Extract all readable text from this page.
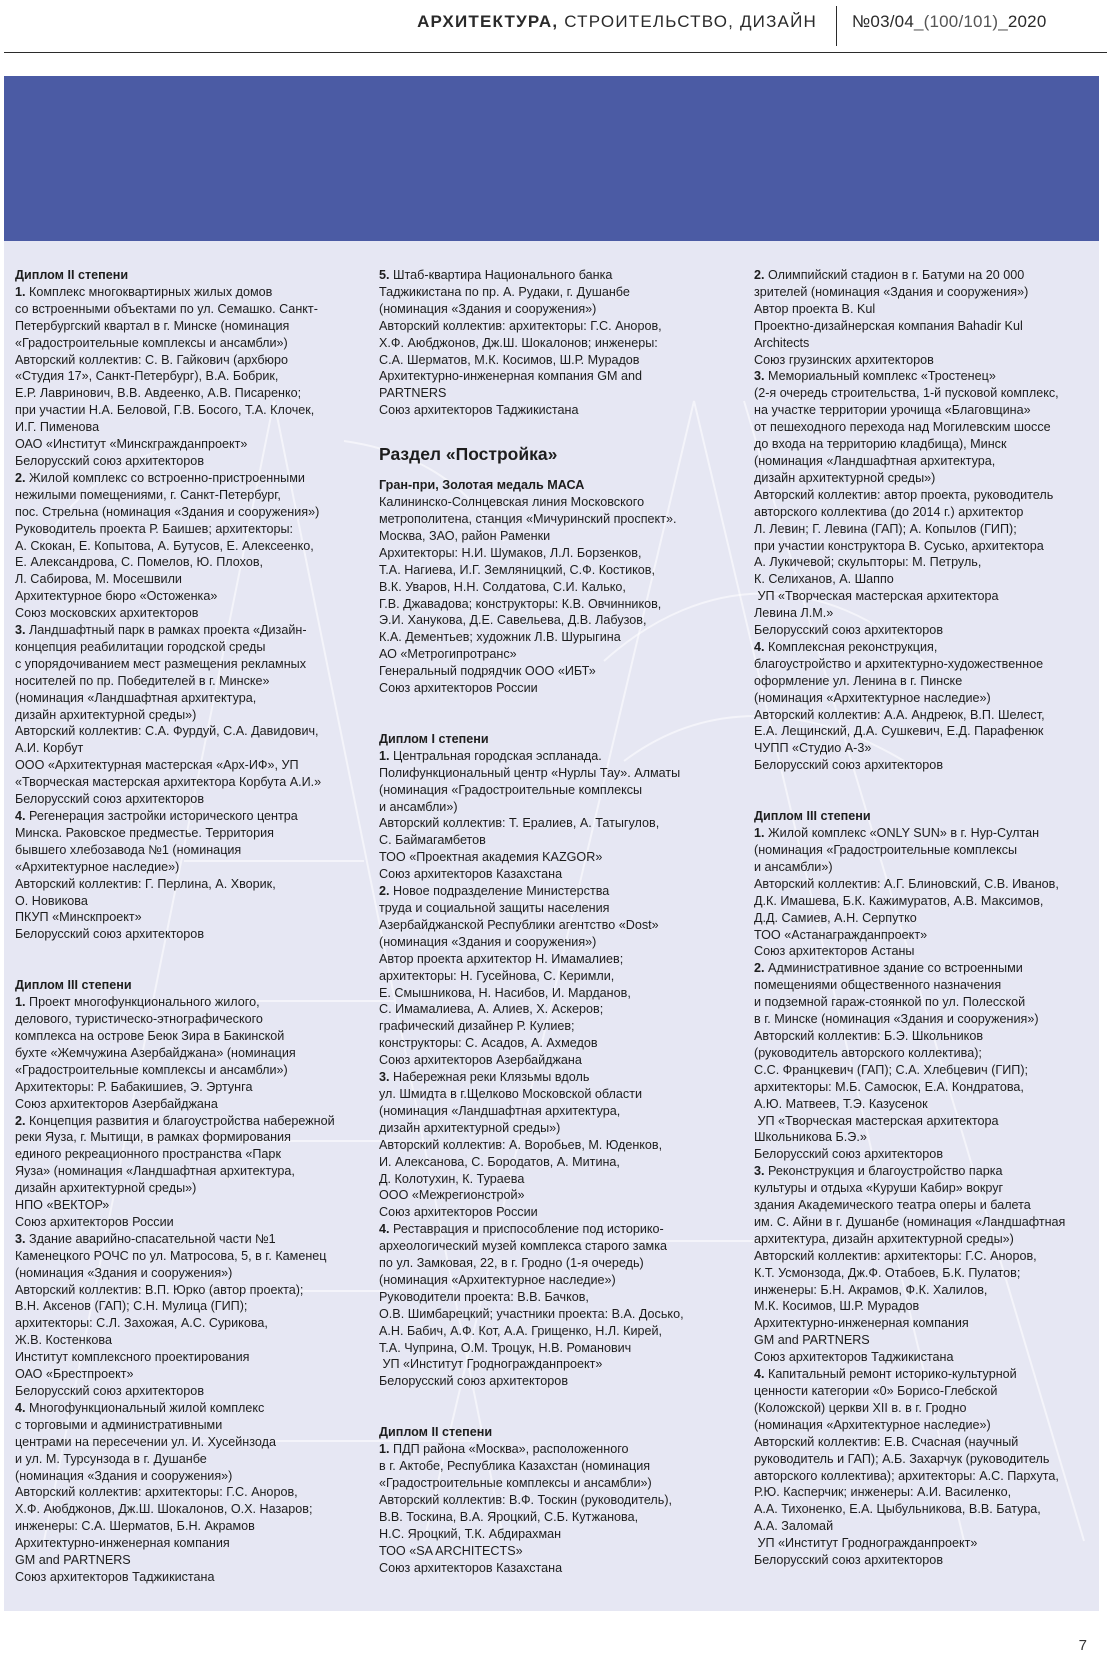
АРХИТЕКТУРА, СТРОИТЕЛЬСТВО, ДИЗАЙН №03/04_(100/101)_2020

Диплом II степени

1. Комплекс многоквартирных жилых домов
со встроенными объектами по ул. Семашко. Санкт-
Петербургский квартал в г. Минске (номинация
«Градостроительные комплексы и ансамбли»)
Авторский коллектив: С. В. Гайкович (архбюро
«Студия 17», Санкт-Петербург), В.А. Бобрик,
Е.Р. Лавринович, В.В. Авдеенко, А.В. Писаренко;
при участии Н.А. Беловой, Г.В. Босого, Т.А. Клочек,
И.Г. Пименова
ОАО «Институт «Минскгражданпроект»
Белорусский союз архитекторов

2. Жилой комплекс со встроенно-пристроенными
нежилыми помещениями, г. Санкт-Петербург,
пос. Стрельна (номинация «Здания и сооружения»)
Руководитель проекта Р. Баишев; архитекторы:
А. Скокан, Е. Копытова, А. Бутусов, Е. Алексеенко,
Е. Александрова, С. Помелов, Ю. Плохов,
Л. Сабирова, М. Мосешвили
Архитектурное бюро «Остоженка»
Союз московских архитекторов

3. Ландшафтный парк в рамках проекта «Дизайн-
концепция реабилитации городской среды
с упорядочиванием мест размещения рекламных
носителей по пр. Победителей в г. Минске»
(номинация «Ландшафтная архитектура,
дизайн архитектурной среды»)
Авторский коллектив: С.А. Фурдуй, С.А. Давидович,
А.И. Корбут
ООО «Архитектурная мастерская «Арх-ИФ», УП
«Творческая мастерская архитектора Корбута А.И.»
Белорусский союз архитекторов

4. Регенерация застройки исторического центра
Минска. Раковское предместье. Территория
бывшего хлебозавода №1 (номинация
«Архитектурное наследие»)
Авторский коллектив: Г. Перлина, А. Хворик,
О. Новикова
ПКУП «Минскпроект»
Белорусский союз архитекторов

Диплом III степени

1. Проект многофункционального жилого,
делового, туристическо-этнографического
комплекса на острове Беюк Зира в Бакинской
бухте «Жемчужина Азербайджана» (номинация
«Градостроительные комплексы и ансамбли»)
Архитекторы: Р. Бабакишиев, Э. Эртунга
Союз архитекторов Азербайджана

2. Концепция развития и благоустройства набережной
реки Яуза, г. Мытищи, в рамках формирования
единого рекреационного пространства «Парк
Яуза» (номинация «Ландшафтная архитектура,
дизайн архитектурной среды»)
НПО «ВЕКТОР»
Союз архитекторов России

3. Здание аварийно-спасательной части №1
Каменецкого РОЧС по ул. Матросова, 5, в г. Каменец
(номинация «Здания и сооружения»)
Авторский коллектив: В.П. Юрко (автор проекта);
В.Н. Аксенов (ГАП); С.Н. Мулица (ГИП);
архитекторы: С.Л. Захожая, А.С. Сурикова,
Ж.В. Костенкова
Институт комплексного проектирования
ОАО «Брестпроект»
Белорусский союз архитекторов

4. Многофункциональный жилой комплекс
с торговыми и административными
центрами на пересечении ул. И. Хусейнзода
и ул. М. Турсунзода в г. Душанбе
(номинация «Здания и сооружения»)
Авторский коллектив: архитекторы: Г.С. Аноров,
Х.Ф. Аюбджонов, Дж.Ш. Шокалонов, О.Х. Назаров;
инженеры: С.А. Шерматов, Б.Н. Акрамов
Архитектурно-инженерная компания
GM and PARTNERS
Союз архитекторов Таджикистана

5. Штаб-квартира Национального банка
Таджикистана по пр. А. Рудаки, г. Душанбе
(номинация «Здания и сооружения»)
Авторский коллектив: архитекторы: Г.С. Аноров,
Х.Ф. Аюбджонов, Дж.Ш. Шокалонов; инженеры:
С.А. Шерматов, М.К. Косимов, Ш.Р. Мурадов
Архитектурно-инженерная компания GM and
PARTNERS
Союз архитекторов Таджикистана

Раздел «Постройка»

Гран-при, Золотая медаль МАСА

Калининско-Солнцевская линия Московского
метрополитена, станция «Мичуринский проспект».
Москва, ЗАО, район Раменки
Архитекторы: Н.И. Шумаков, Л.Л. Борзенков,
Т.А. Нагиева, И.Г. Земляницкий, С.Ф. Костиков,
В.К. Уваров, Н.Н. Солдатова, С.И. Калько,
Г.В. Джавадова; конструкторы: К.В. Овчинников,
Э.И. Ханукова, Д.Е. Савельева, Д.В. Лабузов,
К.А. Дементьев; художник Л.В. Шурыгина
АО «Метрогипротранс»
Генеральный подрядчик ООО «ИБТ»
Союз архитекторов России

Диплом I степени

1. Центральная городская эспланада.
Полифункциональный центр «Нурлы Тау». Алматы
(номинация «Градостроительные комплексы
и ансамбли»)
Авторский коллектив: Т. Ералиев, А. Татыгулов,
С. Баймагамбетов
ТОО «Проектная академия KAZGOR»
Союз архитекторов Казахстана

2. Новое подразделение Министерства
труда и социальной защиты населения
Азербайджанской Республики агентство «Dost»
(номинация «Здания и сооружения»)
Автор проекта архитектор Н. Имамалиев;
архитекторы: Н. Гусейнова, С. Керимли,
Е. Смышникова, Н. Насибов, И. Марданов,
С. Имамалиева, А. Алиев, Х. Аскеров;
графический дизайнер Р. Кулиев;
конструкторы: С. Асадов, А. Ахмедов
Союз архитекторов Азербайджана

3. Набережная реки Клязьмы вдоль
ул. Шмидта в г.Щелково Московской области
(номинация «Ландшафтная архитектура,
дизайн архитектурной среды»)
Авторский коллектив: А. Воробьев, М. Юденков,
И. Алексанова, С. Бородатов, А. Митина,
Д. Колотухин, К. Тураева
ООО «Межрегионстрой»
Союз архитекторов России

4. Реставрация и приспособление под историко-
археологический музей комплекса старого замка
по ул. Замковая, 22, в г. Гродно (1-я очередь)
(номинация «Архитектурное наследие»)
Руководители проекта: В.В. Бачков,
О.В. Шимбарецкий; участники проекта: В.А. Досько,
А.Н. Бабич, А.Ф. Кот, А.А. Грищенко, Н.Л. Кирей,
Т.А. Чуприна, О.М. Троцук, Н.В. Романович
УП «Институт Гродногражданпроект»
Белорусский союз архитекторов

Диплом II степени

1. ПДП района «Москва», расположенного
в г. Актобе, Республика Казахстан (номинация
«Градостроительные комплексы и ансамбли»)
Авторский коллектив: В.Ф. Тоскин (руководитель),
В.В. Тоскина, В.А. Яроцкий, С.Б. Кутжанова,
Н.С. Яроцкий, Т.К. Абдирахман
ТОО «SA ARCHITECTS»
Союз архитекторов Казахстана

2. Олимпийский стадион в г. Батуми на 20 000
зрителей (номинация «Здания и сооружения»)
Автор проекта B. Kul
Проектно-дизайнерская компания Bahadir Kul
Architects
Союз грузинских архитекторов

3. Мемориальный комплекс «Тростенец»
(2-я очередь строительства, 1-й пусковой комплекс,
на участке территории урочища «Благовщина»
от пешеходного перехода над Могилевским шоссе
до входа на территорию кладбища), Минск
(номинация «Ландшафтная архитектура,
дизайн архитектурной среды»)
Авторский коллектив: автор проекта, руководитель
авторского коллектива (до 2014 г.) архитектор
Л. Левин; Г. Левина (ГАП); А. Копылов (ГИП);
при участии конструктора В. Сусько, архитектора
А. Лукичевой; скульпторы: М. Петруль,
К. Селиханов, А. Шаппо
УП «Творческая мастерская архитектора
Левина Л.М.»
Белорусский союз архитекторов

4. Комплексная реконструкция,
благоустройство и архитектурно-художественное
оформление ул. Ленина в г. Пинске
(номинация «Архитектурное наследие»)
Авторский коллектив: А.А. Андреюк, В.П. Шелест,
Е.А. Лещинский, Д.А. Сушкевич, Е.Д. Парафенюк
ЧУПП «Студио А-3»
Белорусский союз архитекторов

Диплом III степени

1. Жилой комплекс «ONLY SUN» в г. Нур-Султан
(номинация «Градостроительные комплексы
и ансамбли»)
Авторский коллектив: А.Г. Блиновский, С.В. Иванов,
Д.К. Имашева, Б.К. Кажимуратов, А.В. Максимов,
Д.Д. Самиев, А.Н. Серпутко
ТОО «Астанагражданпроект»
Союз архитекторов Астаны

2. Административное здание со встроенными
помещениями общественного назначения
и подземной гараж-стоянкой по ул. Полесской
в г. Минске (номинация «Здания и сооружения»)
Авторский коллектив: Б.Э. Школьников
(руководитель авторского коллектива);
С.С. Францкевич (ГАП); С.А. Хлебцевич (ГИП);
архитекторы: М.Б. Самосюк, Е.А. Кондратова,
А.Ю. Матвеев, Т.Э. Казусенок
УП «Творческая мастерская архитектора
Школьникова Б.Э.»
Белорусский союз архитекторов

3. Реконструкция и благоустройство парка
культуры и отдыха «Куруши Кабир» вокруг
здания Академического театра оперы и балета
им. С. Айни в г. Душанбе (номинация «Ландшафтная
архитектура, дизайн архитектурной среды»)
Авторский коллектив: архитекторы: Г.С. Аноров,
К.Т. Усмонзода, Дж.Ф. Отабоев, Б.К. Пулатов;
инженеры: Б.Н. Акрамов, Ф.К. Халилов,
М.К. Косимов, Ш.Р. Мурадов
Архитектурно-инженерная компания
GM and PARTNERS
Союз архитекторов Таджикистана

4. Капитальный ремонт историко-культурной
ценности категории «0» Борисо-Глебской
(Коложской) церкви XII в. в г. Гродно
(номинация «Архитектурное наследие»)
Авторский коллектив: Е.В. Счасная (научный
руководитель и ГАП); А.Б. Захарчук (руководитель
авторского коллектива); архитекторы: А.С. Пархута,
Р.Ю. Касперчик; инженеры: А.И. Василенко,
А.А. Тихоненко, Е.А. Цыбульникова, В.В. Батура,
А.А. Заломай
УП «Институт Гродногражданпроект»
Белорусский союз архитекторов

7
